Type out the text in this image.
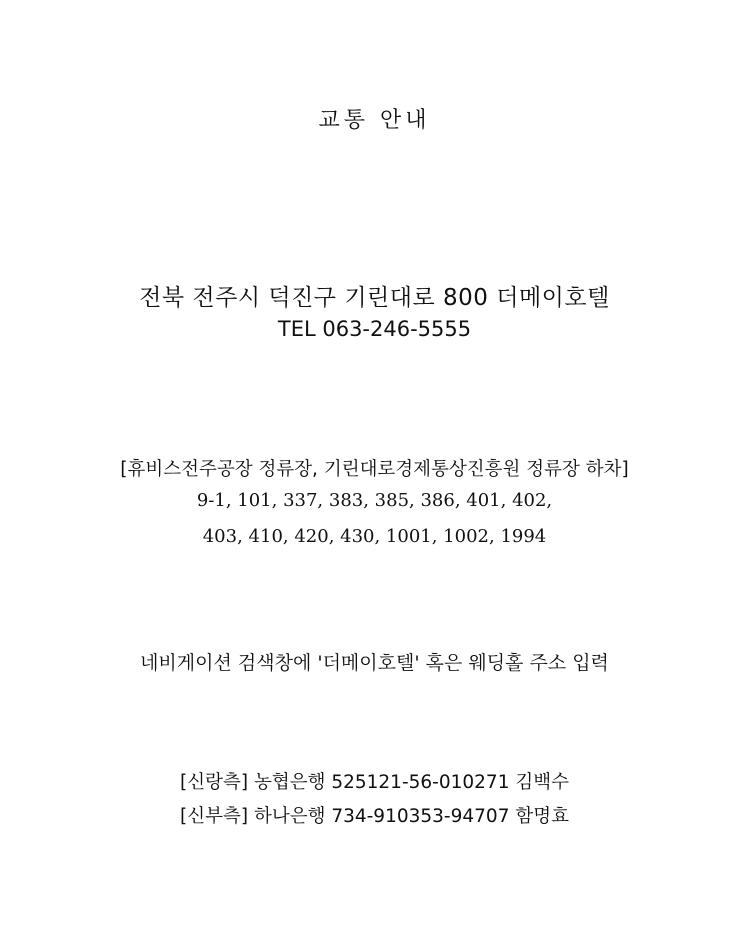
교통 안내
전북 전주시 덕진구 기린대로 800 더메이호텔
TEL 063-246-5555
[휴비스전주공장 정류장, 기린대로경제통상진흥원 정류장 하차]
9-1, 101, 337, 383, 385, 386, 401, 402,
403, 410, 420, 430, 1001, 1002, 1994
네비게이션 검색창에 '더메이호텔' 혹은 웨딩홀 주소 입력
[신랑측] 농협은행 525121-56-010271 김백수
[신부측] 하나은행 734-910353-94707 함명효
